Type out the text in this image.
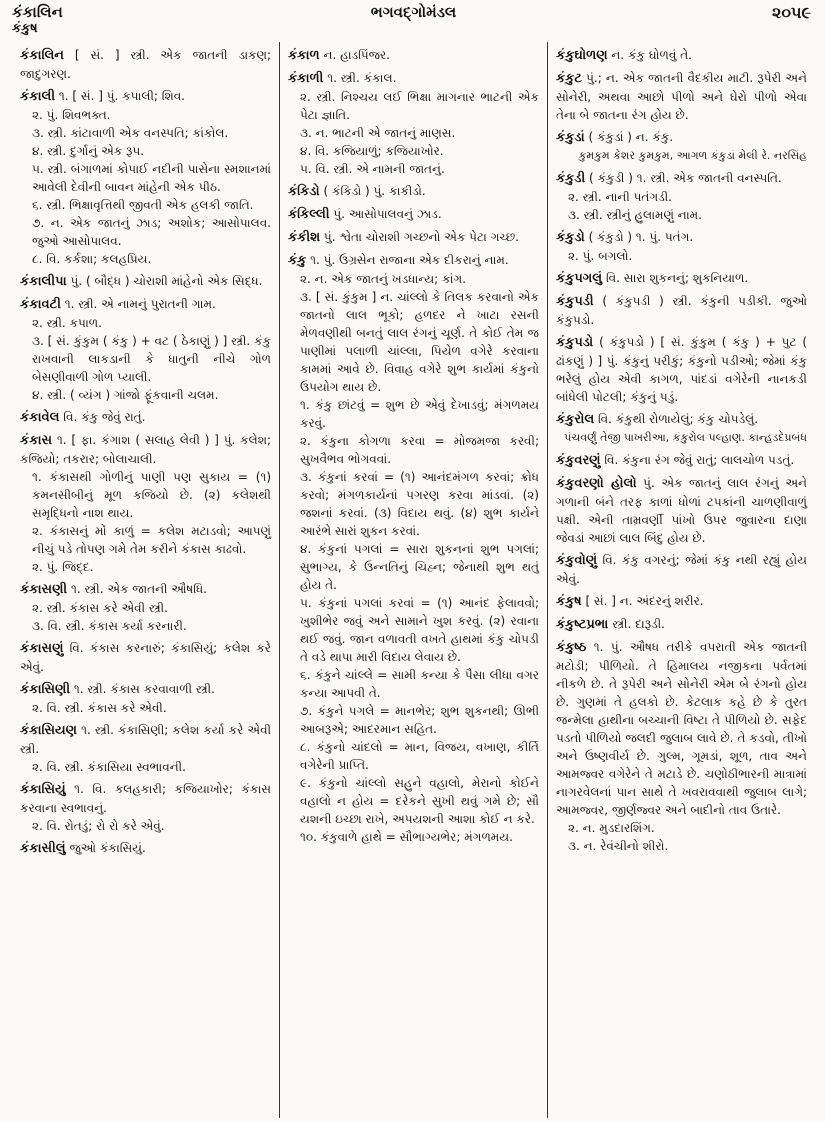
કંકાલિન
કંકુષ
ભગવદ્ગોમંડલ	૨૦૫૯

કંકાલિન [ સં. ] સ્ત્રી. એક જાતની ડાકણ; જાદુગરણ.

કંકાલી ૧. [ સં. ] પું. કપાલી; શિવ.

૨. પું. શિવભક્ત.

૩. સ્ત્રી. કાંટાવાળી એક વનસ્પતિ; કાંકોલ.

૪. સ્ત્રી. દુર્ગાનું એક રૂપ.

૫. સ્ત્રી. બંગાળમાં કોપાઈ નદીની પાસેના સ્મશાનમાં આવેલી દેવીની બાવન માંહેની એક પીઠ.

૬. સ્ત્રી. ભિક્ષાવૃત્તિથી જીવતી એક હલકી જાતિ.

૭. ન. એક જાતનું ઝાડ; અશોક; આસોપાલવ. જુઓ આસોપાલવ.

૮. વિ. કર્કશા; કલહપ્રિય.

કંકાલીપા પું. ( બૌદ્ધ ) ચોરાશી માંહેનો એક સિદ્ધ.

કંકાવટી ૧. સ્ત્રી. એ નામનું પુરાતની ગામ.

૨. સ્ત્રી. કપાળ.

૩. [ સં. કુંકુમ ( કંકુ ) + વટ ( ઠેકાણું ) ] સ્ત્રી. કંકુ રાખવાની લાકડાની કે ધાતુની નીચે ગોળ બેસણીવાળી ગોળ પ્યાલી.

૪. સ્ત્રી. ( વ્યંગ ) ગાંજો ફૂંકવાની ચલમ.

કંકાવેલ વિ. કંકુ જેવું રાતું.

કંકાસ ૧. [ ફા. કંગાશ ( સલાહ લેવી ) ] પું. કલેશ; કજિયો; તકરાર; બોલાચાલી.

૧. કંકાસથી ગોળીનું પાણી પણ સુકાય = (૧) કમનસીબીનું મૂળ કજિયો છે. (૨) કલેશથી સમૃદ્ધિનો નાશ થાય.

૨. કંકાસનું મોં કાળું = કલેશ મટાડવો; આપણું નીચું પડે તોપણ ગમે તેમ કરીને કંકાસ કાઢવો.

૨. પું. જિદ્દ.

કંકાસણી ૧. સ્ત્રી. એક જાતની ઔષધિ.

૨. સ્ત્રી. કંકાસ કરે એવી સ્ત્રી.

૩. વિ. સ્ત્રી. કંકાસ કર્યા કરનારી.

કંકાસણું વિ. કંકાસ કરનારું; કંકાસિયું; કલેશ કરે એવું.

કંકાસિણી ૧. સ્ત્રી. કંકાસ કરવાવાળી સ્ત્રી.

૨. વિ. સ્ત્રી. કંકાસ કરે એવી.

કંકાસિયણ ૧. સ્ત્રી. કંકાસિણી; કલેશ કર્યા કરે એવી સ્ત્રી.

૨. વિ. સ્ત્રી. કંકાસિયા સ્વભાવની.

કંકાસિયું ૧. વિ. કલહકારી; કજિયાખોર; કંકાસ કરવાના સ્વભાવનું.

૨. વિ. રોતડું; રો રો કરે એવું.

કંકાસીલું જુઓ કંકાસિયું.

કંકાળ ન. હાડપિંજર.

કંકાળી ૧. સ્ત્રી. કંકાલ.

૨. સ્ત્રી. નિશ્ચય લઈ ભિક્ષા માગનાર ભાટની એક પેટા જ્ઞાતિ.

૩. ન. ભાટની એ જાતનું માણસ.

૪. વિ. કજિયાળું; કજિયાખોર.

૫. વિ. સ્ત્રી. એ નામની જાતનું.

કંકિડો ( કંકિડો ) પું. કાકીડો.

કંકિલ્લી પું. આસોપાલવનું ઝાડ.

કંકીશ પું. શ્વેતા ચોરાશી ગચ્છનો એક પેટા ગચ્છ.

કંકુ ૧. પું. ઉગ્રસેન રાજાના એક દીકરાનું નામ.

૨. ન. એક જાતનું ખડધાન્ય; કાંગ.

૩. [ સં. કુંકુમ ] ન. ચાંલ્લો કે તિલક કરવાનો એક જાતનો લાલ ભૂકો; હળદર ને ખાટા રસની મેળવણીથી બનતું લાલ રંગનું ચૂર્ણ. તે કોઈ તેમ જ પાણીમાં પલાળી ચાંલ્લા, પિયેળ વગેરે કરવાના કામમાં આવે છે. વિવાહ વગેરે શુભ કાર્યમાં કંકુનો ઉપયોગ થાય છે.

૧. કંકુ છાંટવું = શુભ છે એવું દેખાડવું; મંગળમય કરવું.

૨. કંકુના કોગળા કરવા = મોજમજા કરવી; સુખવૈભવ ભોગવવાં.

૩. કંકુનાં કરવાં = (૧) આનંદમંગળ કરવાં; ક્રોધ કરવો; મંગળકાર્યનાં પગરણ કરવા માંડવાં. (૨) જશનાં કરવાં. (૩) વિદાય થવું. (૪) શુભ કાર્યને આરંભે સારાં શુકન કરવાં.

૪. કંકુનાં પગલાં = સારા શુકનનાં શુભ પગલાં; સુભાગ્ય, કે ઉન્નતિનું ચિહ્ન; જેનાથી શુભ થતું હોય તે.

૫. કંકુનાં પગલાં કરવાં = (૧) આનંદ ફેલાવવો; ખુશીભેર જવું અને સામાને ખુશ કરવું. (૨) રવાના થઈ જવું. જાન વળાવતી વખતે હાથમાં કંકુ ચોપડી તે વડે થાપા મારી વિદાય લેવાય છે.

૬. કંકુને ચાંલ્લે = સામી કન્યા કે પૈસા લીધા વગર કન્યા આપવી તે.

૭. કંકુને પગલે = માનભેર; શુભ શુકનથી; ઊભી આબરૂએ; આદરમાન સહિત.

૮. કંકુનો ચાંદલો = માન, વિજય, વખાણ, કીર્તિ વગેરેની પ્રાપ્તિ.

૯. કંકુનો ચાંલ્લો સહુને વહાલો, મેરાનો કોઈને વહાલો ન હોય = દરેકને સુખી થવું ગમે છે; સૌ યશની ઇચ્છા રાખે, અપયશની આશા કોઈ ન કરે.

૧૦. કંકુવાળે હાથે = સૌભાગ્યભેર; મંગળમય.

કંકુઘોળણ ન. કંકુ ઘોળવું તે.

કંકુટ પું.; ન. એક જાતની વૈદકીય માટી. રૂપેરી અને સોનેરી, અથવા આછો પીળો અને ઘેરો પીળો એવા તેના બે જાતના રંગ હોય છે.

કંકુડાં ( કંકુડાં ) ન. કંકુ.

કુમકુમ કેશર કુમકુમ, આગળ કંકુડાં મેલી રે. નરસિંહ

કંકુડી ( કંકુડી ) ૧. સ્ત્રી. એક જાતની વનસ્પતિ.

૨. સ્ત્રી. નાની પતંગડી.

૩. સ્ત્રી. સ્ત્રીનું હુલામણું નામ.

કંકુડો ( કંકુડો ) ૧. પું. પતંગ.

૨. પું. બગલો.

કંકુપગલું વિ. સારા શુકનનું; શુકનિયાળ.

કંકુપડી ( કંકુપડી ) સ્ત્રી. કંકુની પડીકી. જુઓ કંકુપડો.

કંકુપડો ( કંકુપડો ) [ સં. કુંકુમ ( કંકુ ) + પુટ ( ઢાંકણું ) ] પું. કંકુનું પરીકું; કંકુનો પડીઓ; જેમાં કંકુ ભરેલું હોય એવી કાગળ, પાંદડાં વગેરેની નાનકડી બાંધેલી પોટલી; કંકુનું પડું.

કંકુરોલ વિ. કંકુથી રોળાયેલું; કંકુ ચોપડેલું.

પંચવર્ણું તેજી પાખરીઆ, કંકુરોલ પલ્હાણ. કાન્હડદેપ્રબંધ

કંકુવરણું વિ. કંકુના રંગ જેવું રાતું; લાલચોળ પડતું.

કંકુવરણો હોલો પું. એક જાતનું લાલ રંગનું અને ગળાની બંને તરફ કાળાં ધોળાં ટપકાંની ચાળણીવાળું પક્ષી. એની તામ્રવર્ણી પાંખો ઉપર જુવારના દાણા જેવડાં આછાં લાલ બિંદુ હોય છે.

કંકુવોણું વિ. કંકુ વગરનું; જેમાં કંકુ નથી રહ્યું હોય એવું.

કંકુષ [ સં. ] ન. અંદરનું શરીર.

કંકુષ્ટપ્રભા સ્ત્રી. દારૂડી.

કંકુષ્ઠ ૧. પું. ઔષધ તરીકે વપરાતી એક જાતની મટોડી; પીળિયો. તે હિમાલય નજીકના પર્વતમાં નીકળે છે. તે રૂપેરી અને સોનેરી એમ બે રંગનો હોય છે. ગુણમાં તે હલકો છે. કેટલાક કહે છે કે તુરત જન્મેલા હાથીના બચ્ચાની વિષ્ટા તે પીળિયો છે. સફેદ પડતો પીળિયો જલદી જુલાબ લાવે છે. તે કડવો, તીખો અને ઉષ્ણવીર્ય છે. ગુલ્મ, ગૂમડાં, શૂળ, તાવ અને આમજ્વર વગેરેને તે મટાડે છે. ચણોઠીભારની માત્રામાં નાગરવેલનાં પાન સાથે તે ખવરાવવાથી જુલાબ લાગે; આમજ્વર, જીર્ણજ્વર અને બાદીનો તાવ ઉતારે.

૨. ન. મુડદારશિંગ.

૩. ન. રેવંચીનો શીરો.
